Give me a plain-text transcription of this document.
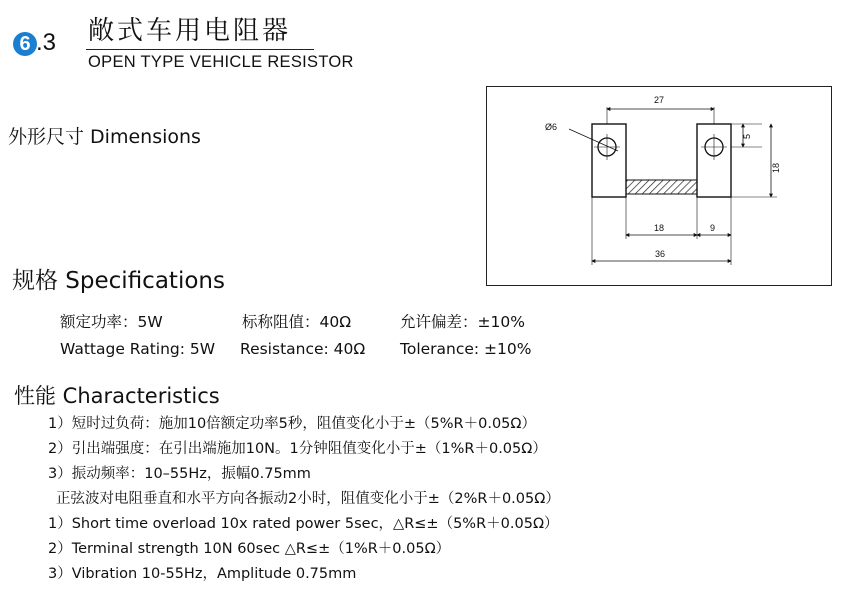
6 .3 敞式车用电阻器
OPEN TYPE VEHICLE RESISTOR
外形尺寸 Dimensions	Ø6
27
5
18
18	9
36
规格 Specifications
额定功率：5W	标称阻值：40Ω	允许偏差：±10%
Wattage Rating: 5W Resistance: 40Ω Tolerance: ±10%
性能 Characteristics
1）短时过负荷：施加10倍额定功率5秒，阻值变化小于±（5%R＋0.05Ω）
2）引出端强度：在引出端施加10N。1分钟阻值变化小于±（1%R＋0.05Ω）
3）振动频率：10–55Hz，振幅0.75mm
正弦波对电阻垂直和水平方向各振动2小时，阻值变化小于±（2%R＋0.05Ω）
1）Short time overload 10x rated power 5sec，△R≤±（5%R＋0.05Ω）
2）Terminal strength 10N 60sec △R≤±（1%R＋0.05Ω）
3）Vibration 10-55Hz，Amplitude 0.75mm
